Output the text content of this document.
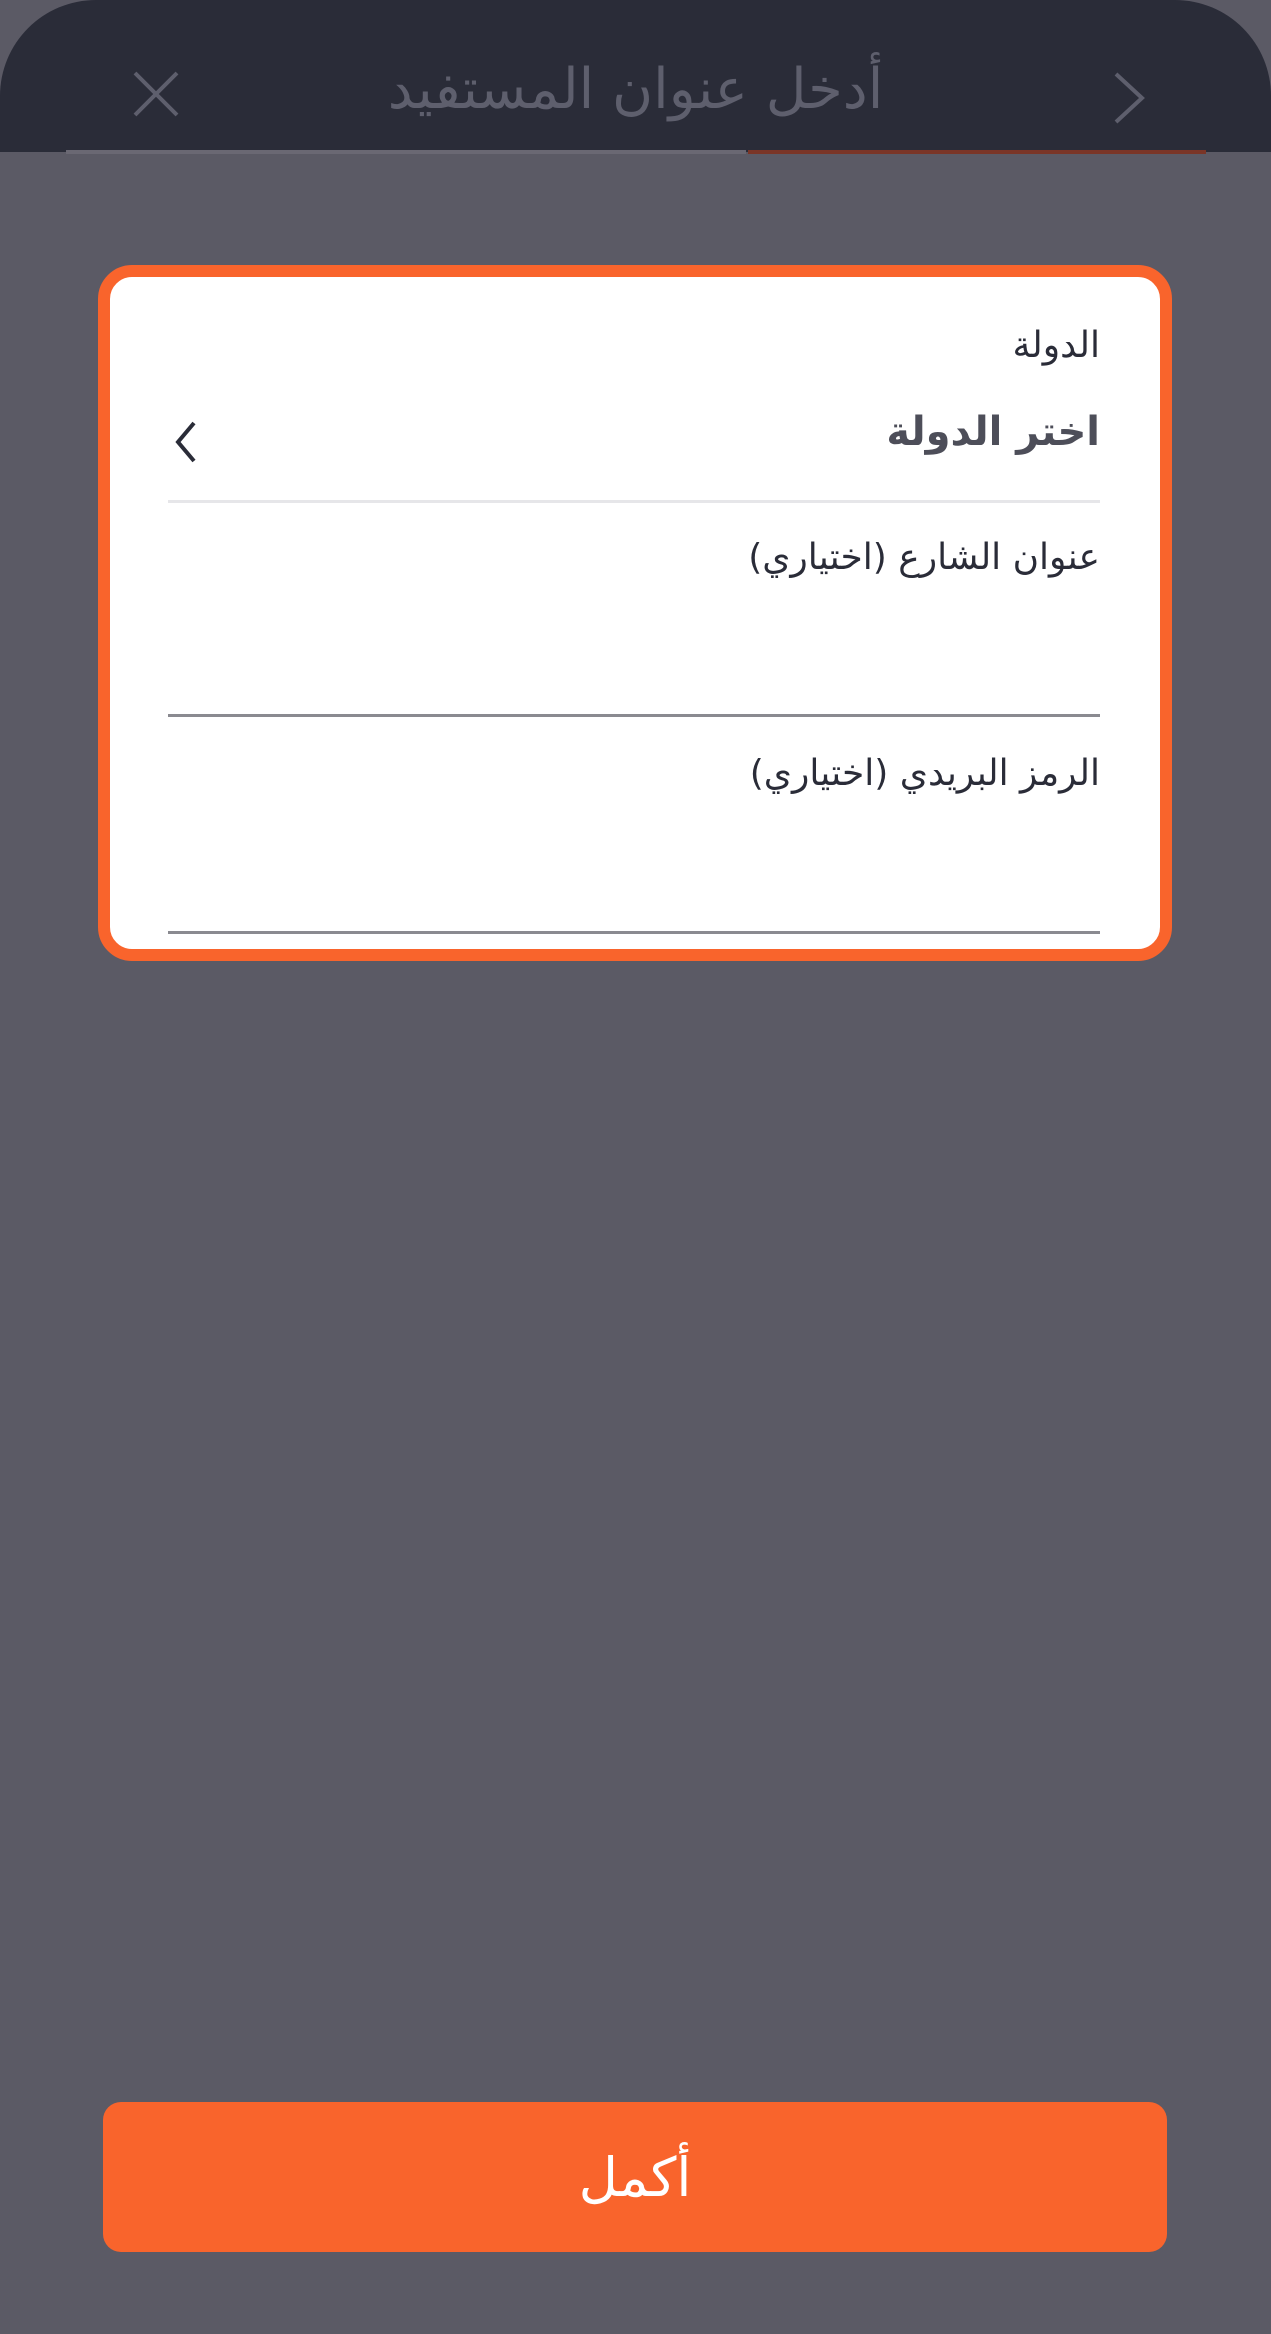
أدخل عنوان المستفيد
الدولة
اختر الدولة
عنوان الشارع (اختياري)
الرمز البريدي (اختياري)
أكمل
